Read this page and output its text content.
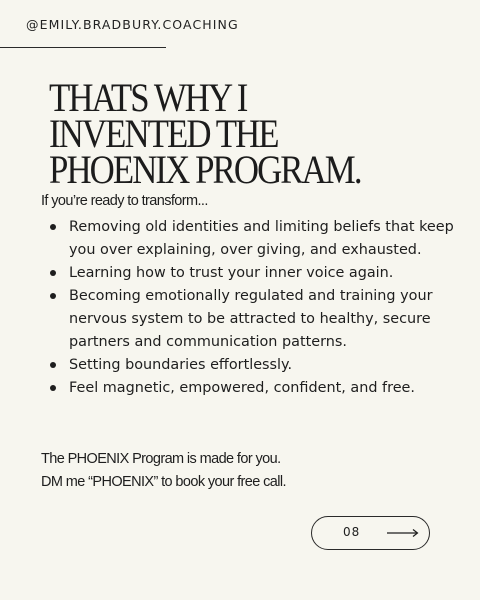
@EMILY.BRADBURY.COACHING
THATS WHY I
INVENTED THE
PHOENIX PROGRAM.
If you’re ready to transform...
Removing old identities and limiting beliefs that keep you over explaining, over giving, and exhausted.
Learning how to trust your inner voice again.
Becoming emotionally regulated and training your nervous system to be attracted to healthy, secure partners and communication patterns.
Setting boundaries effortlessly.
Feel magnetic, empowered, confident, and free.
The PHOENIX Program is made for you.
DM me “PHOENIX” to book your free call.
08
